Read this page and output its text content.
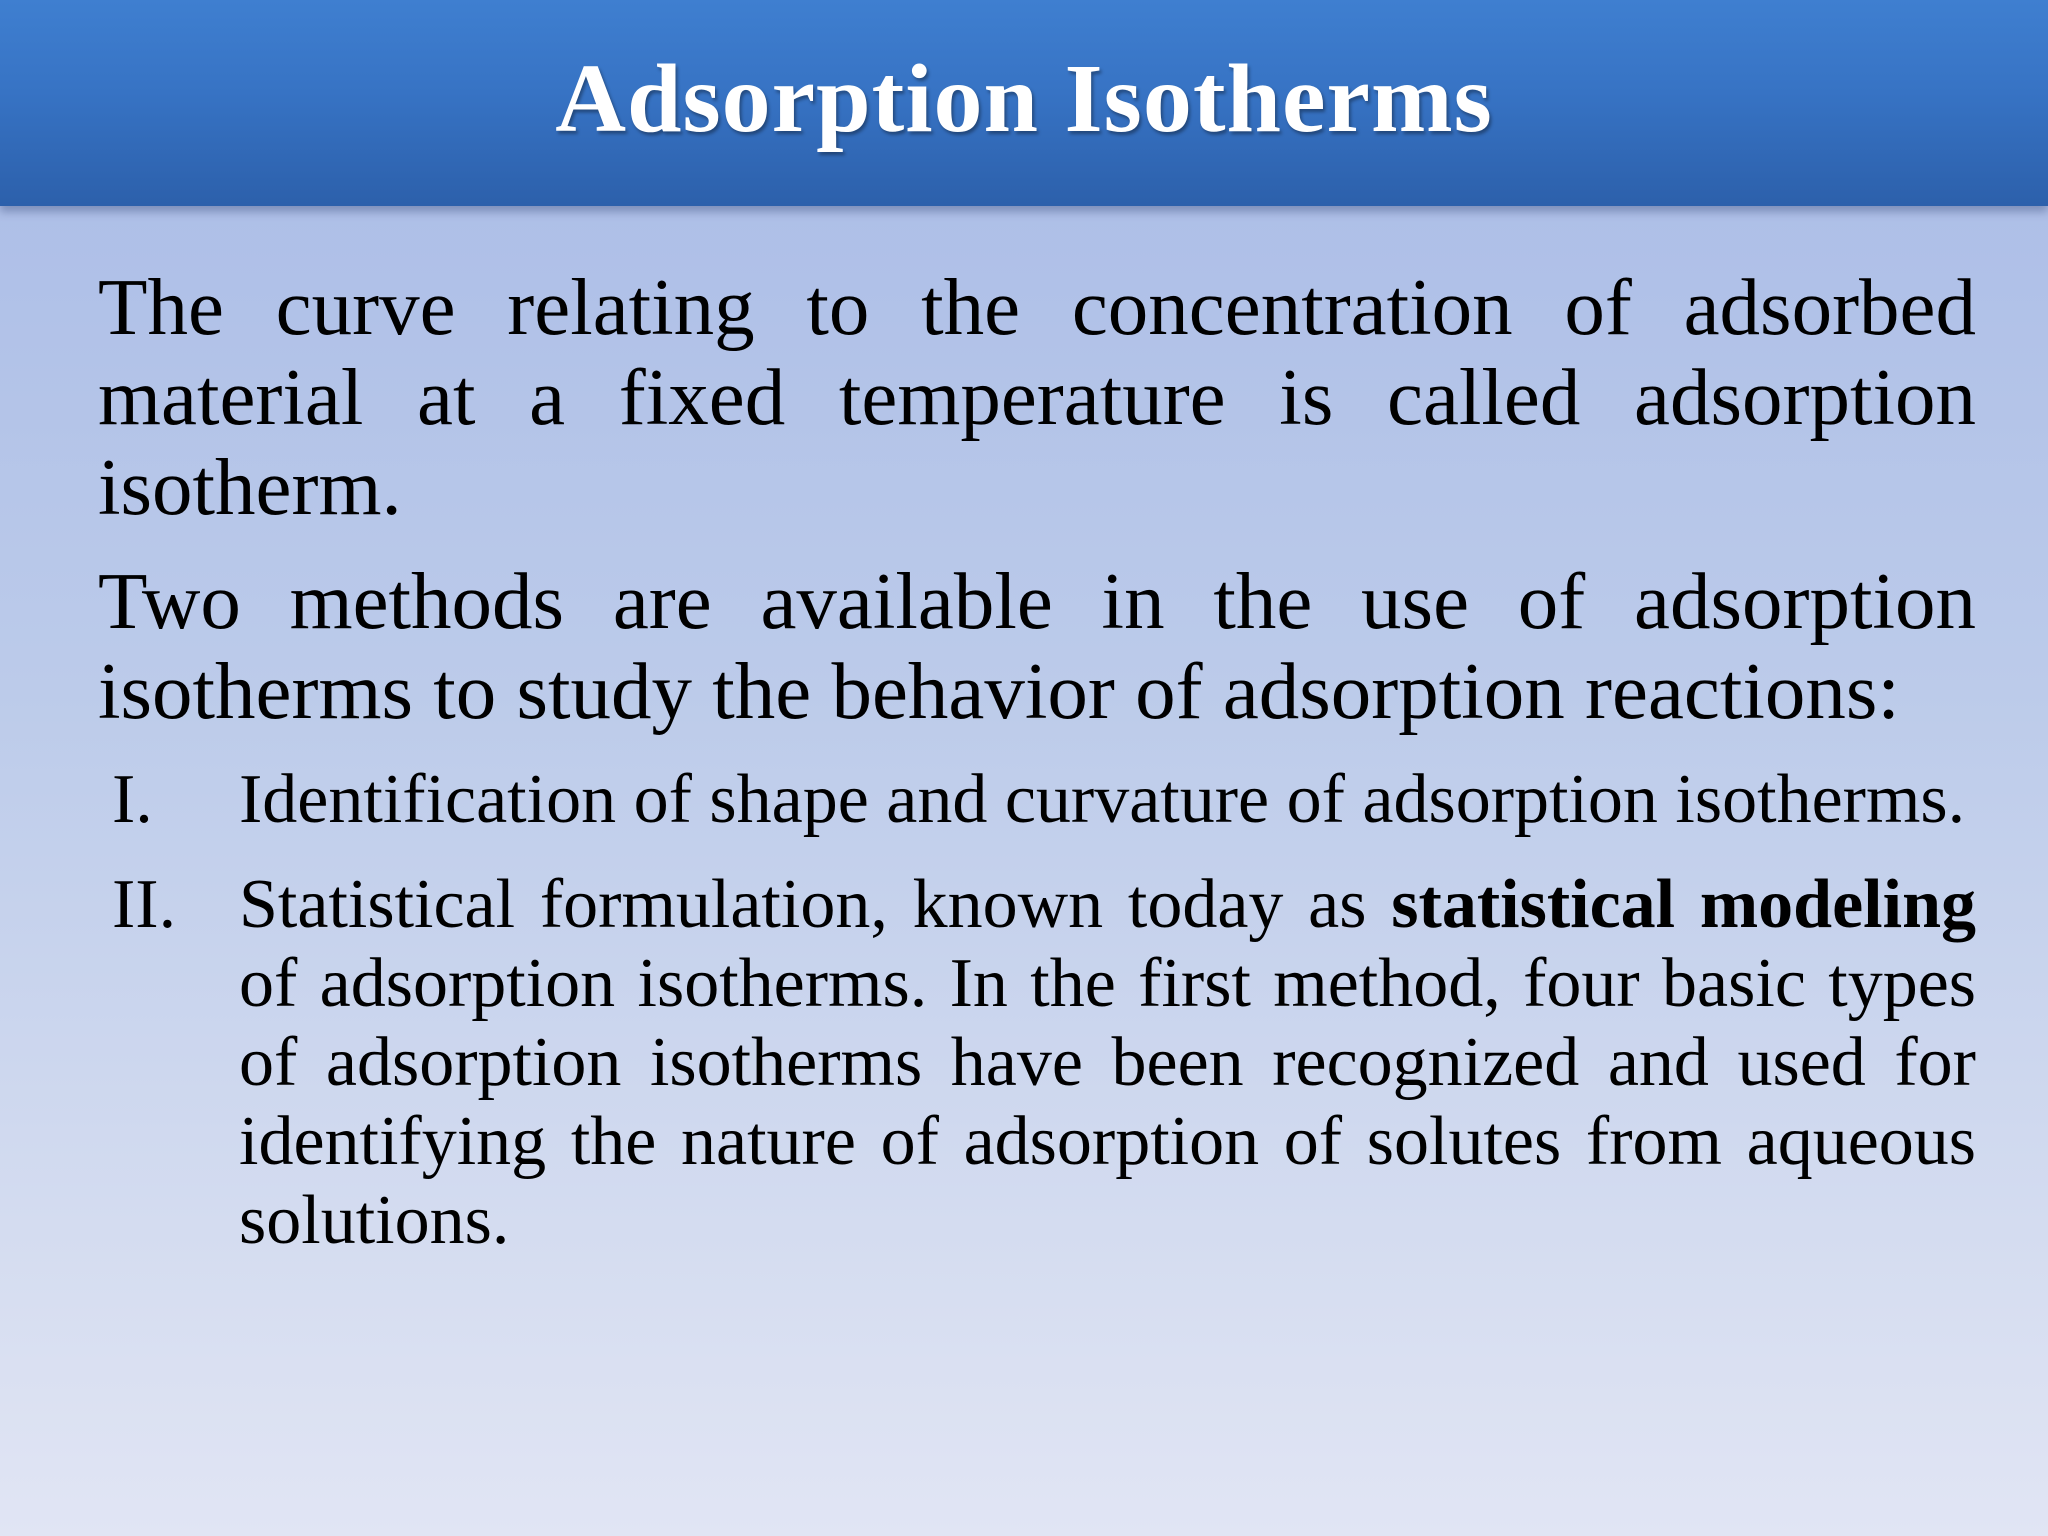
Adsorption Isotherms

The curve relating to the concentration of adsorbed material at a fixed temperature is called adsorption isotherm.

Two methods are available in the use of adsorption isotherms to study the behavior of adsorption reactions:

I. Identification of shape and curvature of adsorption isotherms.
II. Statistical formulation, known today as statistical modeling of adsorption isotherms. In the first method, four basic types of adsorption isotherms have been recognized and used for identifying the nature of adsorption of solutes from aqueous solutions.
